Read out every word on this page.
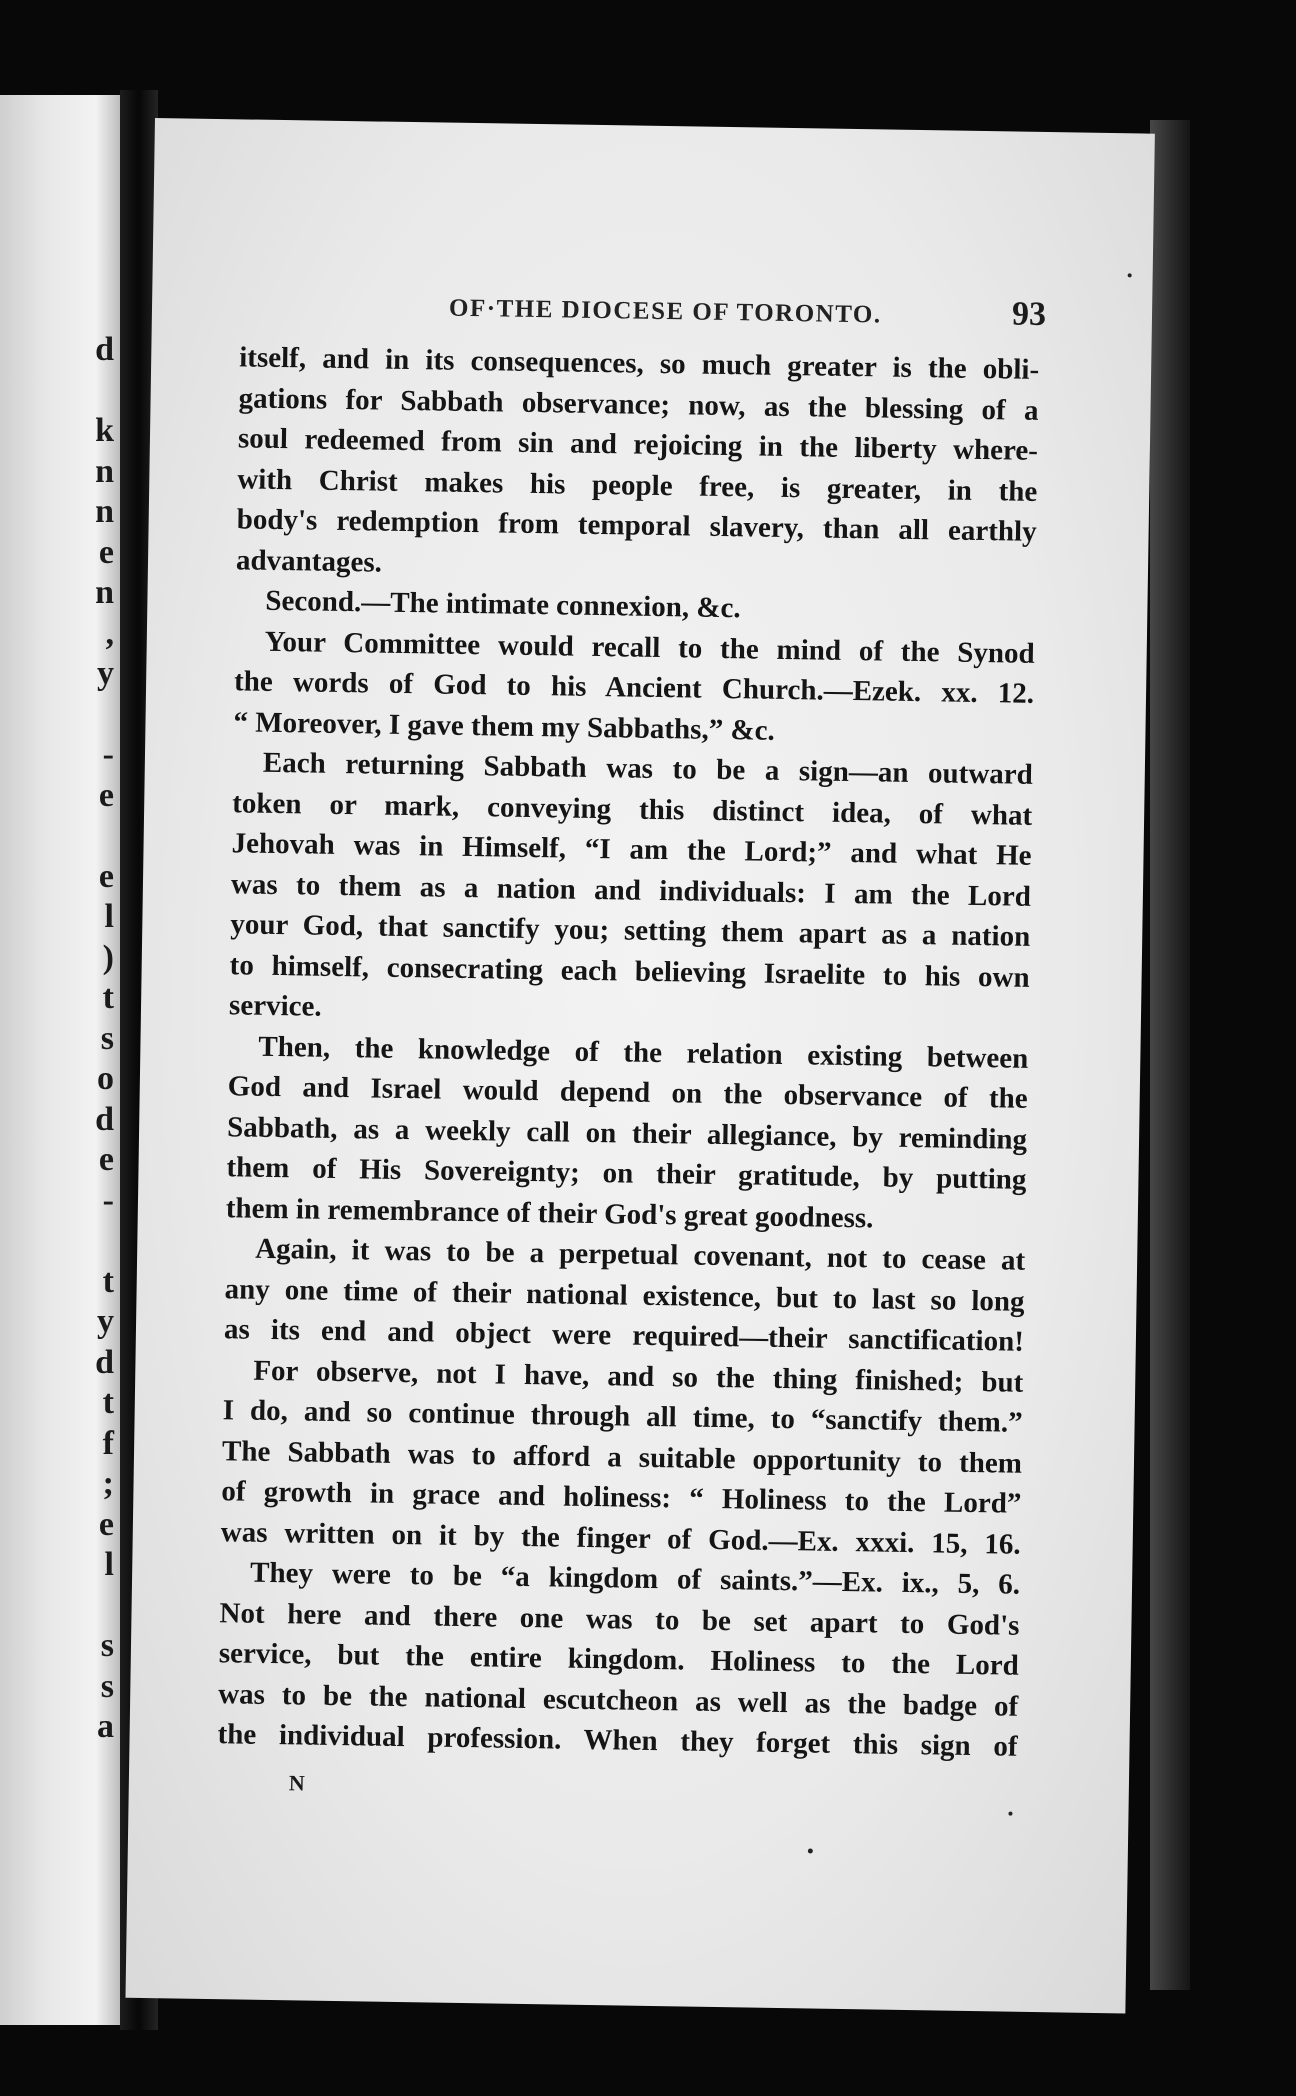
d
k
n
n
e
n
,
y
-
e
e
l
)
t
s
o
d
e
-
t
y
d
t
f
;
e
l
s
s
a
OF·THE DIOCESE OF TORONTO.	93
itself, and in its consequences, so much greater is the obli-
gations for Sabbath observance; now, as the blessing of a
soul redeemed from sin and rejoicing in the liberty where-
with Christ makes his people free, is greater, in the
body's redemption from temporal slavery, than all earthly
advantages.
Second.—The intimate connexion, &c.
Your Committee would recall to the mind of the Synod
the words of God to his Ancient Church.—Ezek. xx. 12.
“ Moreover, I gave them my Sabbaths,” &c.
Each returning Sabbath was to be a sign—an outward
token or mark, conveying this distinct idea, of what
Jehovah was in Himself, “I am the Lord;” and what He
was to them as a nation and individuals: I am the Lord
your God, that sanctify you; setting them apart as a nation
to himself, consecrating each believing Israelite to his own
service.
Then, the knowledge of the relation existing between
God and Israel would depend on the observance of the
Sabbath, as a weekly call on their allegiance, by reminding
them of His Sovereignty; on their gratitude, by putting
them in remembrance of their God's great goodness.
Again, it was to be a perpetual covenant, not to cease at
any one time of their national existence, but to last so long
as its end and object were required—their sanctification!
For observe, not I have, and so the thing finished; but
I do, and so continue through all time, to “sanctify them.”
The Sabbath was to afford a suitable opportunity to them
of growth in grace and holiness: “ Holiness to the Lord”
was written on it by the finger of God.—Ex. xxxi. 15, 16.
They were to be “a kingdom of saints.”—Ex. ix., 5, 6.
Not here and there one was to be set apart to God's
service, but the entire kingdom. Holiness to the Lord
was to be the national escutcheon as well as the badge of
the individual profession. When they forget this sign of
N
